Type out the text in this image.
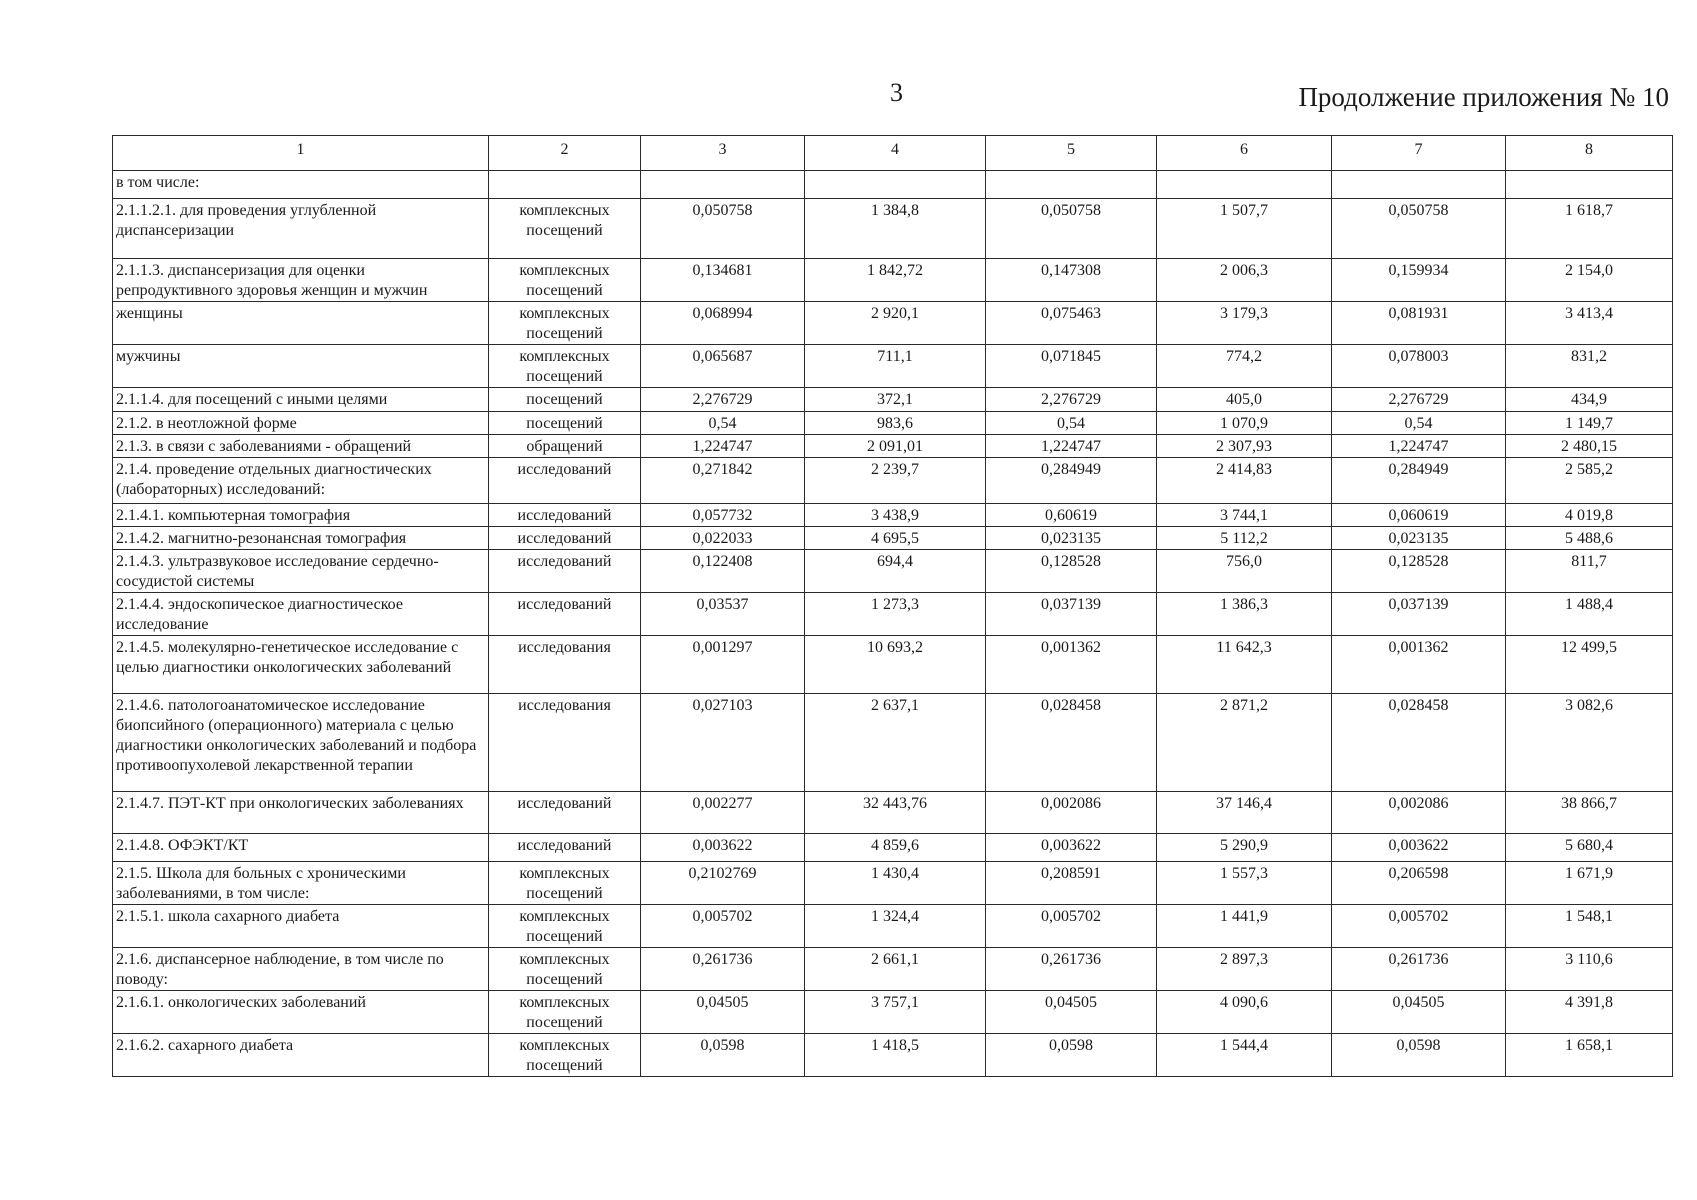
3	Продолжение приложения № 10
1	2	3	4	5	6	7	8
в том числе:							
2.1.1.2.1. для проведения углубленной диспансеризации	комплексных посещений	0,050758	1 384,8	0,050758	1 507,7	0,050758	1 618,7
2.1.1.3. диспансеризация для оценки репродуктивного здоровья женщин и мужчин	комплексных посещений	0,134681	1 842,72	0,147308	2 006,3	0,159934	2 154,0
женщины	комплексных посещений	0,068994	2 920,1	0,075463	3 179,3	0,081931	3 413,4
мужчины	комплексных посещений	0,065687	711,1	0,071845	774,2	0,078003	831,2
2.1.1.4. для посещений с иными целями	посещений	2,276729	372,1	2,276729	405,0	2,276729	434,9
2.1.2. в неотложной форме	посещений	0,54	983,6	0,54	1 070,9	0,54	1 149,7
2.1.3. в связи с заболеваниями - обращений	обращений	1,224747	2 091,01	1,224747	2 307,93	1,224747	2 480,15
2.1.4. проведение отдельных диагностических (лабораторных) исследований:	исследований	0,271842	2 239,7	0,284949	2 414,83	0,284949	2 585,2
2.1.4.1. компьютерная томография	исследований	0,057732	3 438,9	0,60619	3 744,1	0,060619	4 019,8
2.1.4.2. магнитно-резонансная томография	исследований	0,022033	4 695,5	0,023135	5 112,2	0,023135	5 488,6
2.1.4.3. ультразвуковое исследование сердечно-сосудистой системы	исследований	0,122408	694,4	0,128528	756,0	0,128528	811,7
2.1.4.4. эндоскопическое диагностическое исследование	исследований	0,03537	1 273,3	0,037139	1 386,3	0,037139	1 488,4
2.1.4.5. молекулярно-генетическое исследование с целью диагностики онкологических заболеваний	исследования	0,001297	10 693,2	0,001362	11 642,3	0,001362	12 499,5
2.1.4.6. патологоанатомическое исследование биопсийного (операционного) материала с целью диагностики онкологических заболеваний и подбора противоопухолевой лекарственной терапии	исследования	0,027103	2 637,1	0,028458	2 871,2	0,028458	3 082,6
2.1.4.7. ПЭТ-КТ при онкологических заболеваниях	исследований	0,002277	32 443,76	0,002086	37 146,4	0,002086	38 866,7
2.1.4.8. ОФЭКТ/КТ	исследований	0,003622	4 859,6	0,003622	5 290,9	0,003622	5 680,4
2.1.5. Школа для больных с хроническими заболеваниями, в том числе:	комплексных посещений	0,2102769	1 430,4	0,208591	1 557,3	0,206598	1 671,9
2.1.5.1. школа сахарного диабета	комплексных посещений	0,005702	1 324,4	0,005702	1 441,9	0,005702	1 548,1
2.1.6. диспансерное наблюдение, в том числе по поводу:	комплексных посещений	0,261736	2 661,1	0,261736	2 897,3	0,261736	3 110,6
2.1.6.1. онкологических заболеваний	комплексных посещений	0,04505	3 757,1	0,04505	4 090,6	0,04505	4 391,8
2.1.6.2. сахарного диабета	комплексных посещений	0,0598	1 418,5	0,0598	1 544,4	0,0598	1 658,1
